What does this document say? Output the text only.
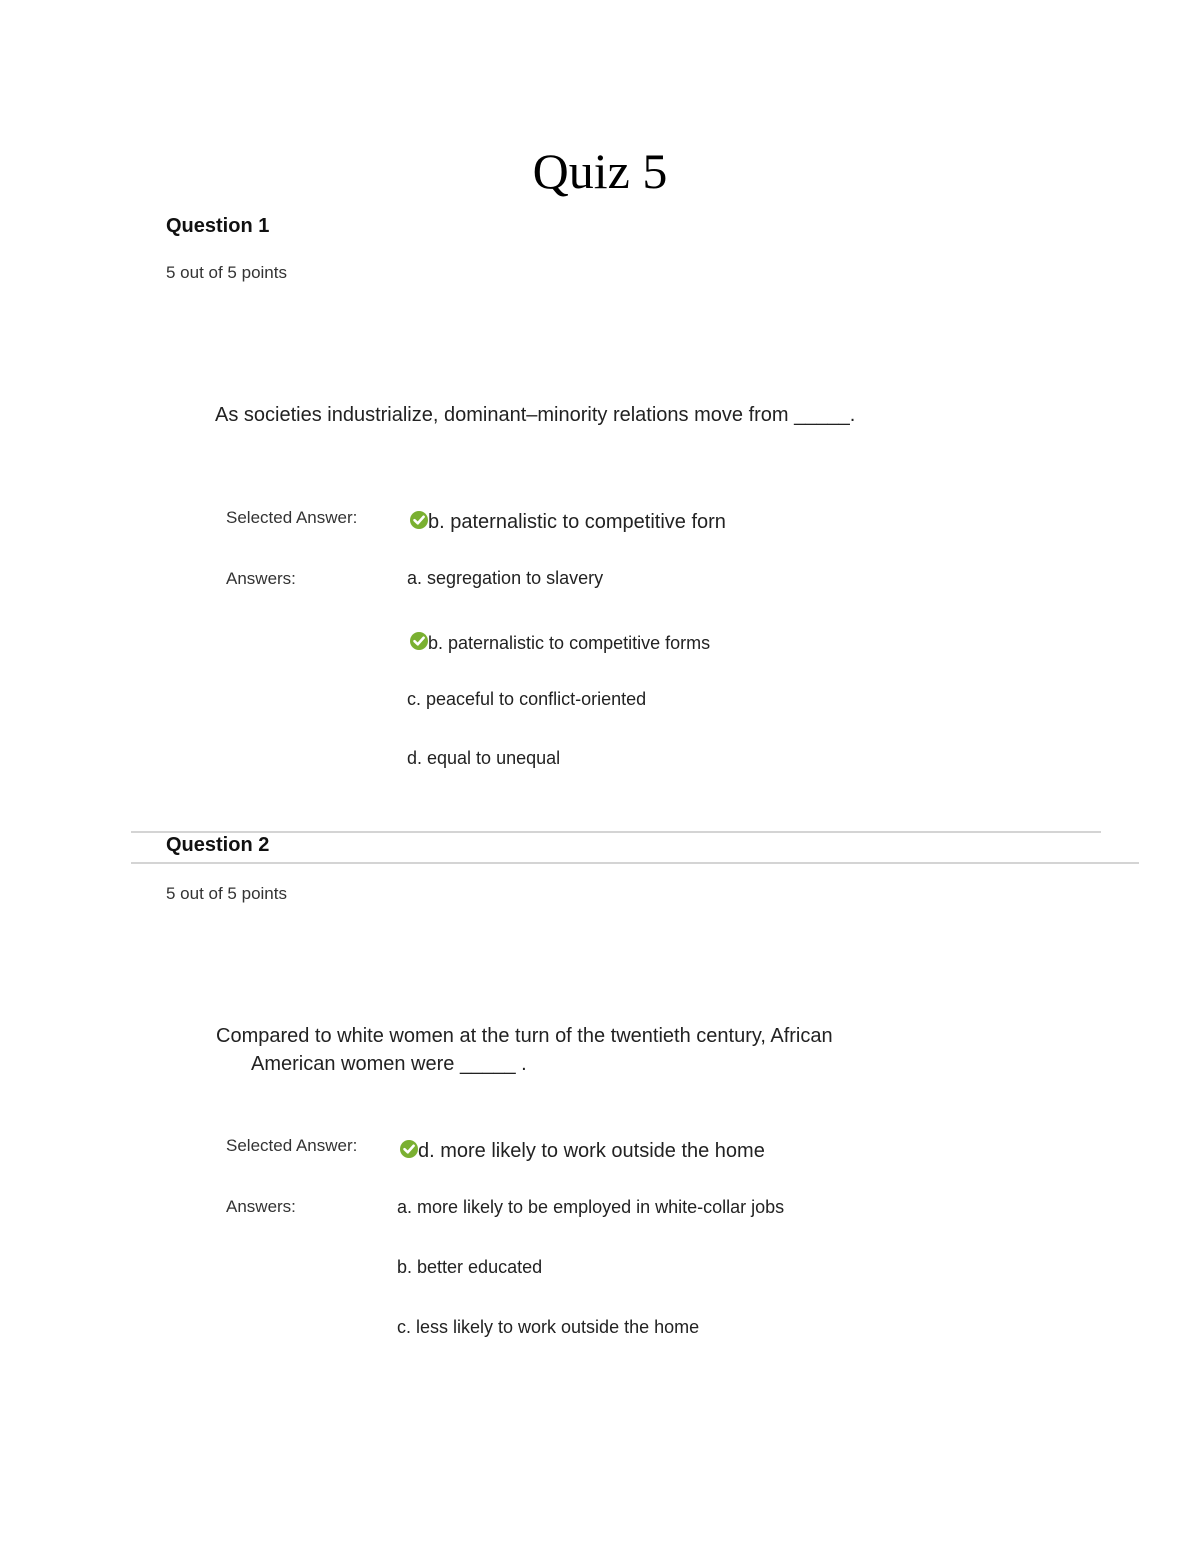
Quiz 5
Question 1
5 out of 5 points
As societies industrialize, dominant–minority relations move from _____.
Selected Answer:	b. paternalistic to competitive forn
Answers:	a. segregation to slavery
b. paternalistic to competitive forms
c. peaceful to conflict-oriented
d. equal to unequal
Question 2
5 out of 5 points
Compared to white women at the turn of the twentieth century, African
American women were _____ .
Selected Answer:	d. more likely to work outside the home
Answers:	a. more likely to be employed in white-collar jobs
b. better educated
c. less likely to work outside the home
